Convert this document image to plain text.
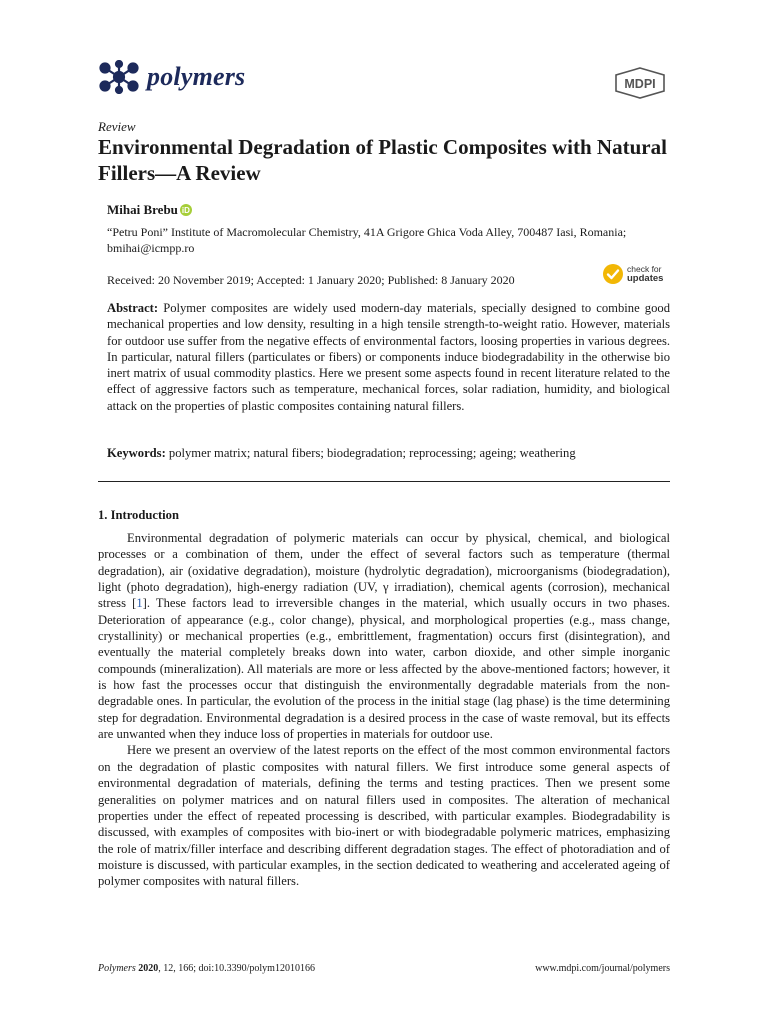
polymers	MDPI
Review
Environmental Degradation of Plastic Composites with Natural Fillers—A Review
Mihai Brebu iD
“Petru Poni” Institute of Macromolecular Chemistry, 41A Grigore Ghica Voda Alley, 700487 Iasi, Romania; bmihai@icmpp.ro
Received: 20 November 2019; Accepted: 1 January 2020; Published: 8 January 2020
check for
updates
Abstract: Polymer composites are widely used modern-day materials, specially designed to combine good mechanical properties and low density, resulting in a high tensile strength-to-weight ratio. However, materials for outdoor use suffer from the negative effects of environmental factors, loosing properties in various degrees. In particular, natural fillers (particulates or fibers) or components induce biodegradability in the otherwise bio inert matrix of usual commodity plastics. Here we present some aspects found in recent literature related to the effect of aggressive factors such as temperature, mechanical forces, solar radiation, humidity, and biological attack on the properties of plastic composites containing natural fillers.
Keywords: polymer matrix; natural fibers; biodegradation; reprocessing; ageing; weathering
1. Introduction

Environmental degradation of polymeric materials can occur by physical, chemical, and biological processes or a combination of them, under the effect of several factors such as temperature (thermal degradation), air (oxidative degradation), moisture (hydrolytic degradation), microorganisms (biodegradation), light (photo degradation), high-energy radiation (UV, γ irradiation), chemical agents (corrosion), mechanical stress [1]. These factors lead to irreversible changes in the material, which usually occurs in two phases. Deterioration of appearance (e.g., color change), physical, and morphological properties (e.g., mass change, crystallinity) or mechanical properties (e.g., embrittlement, fragmentation) occurs first (disintegration), and eventually the material completely breaks down into water, carbon dioxide, and other simple inorganic compounds (mineralization). All materials are more or less affected by the above-mentioned factors; however, it is how fast the processes occur that distinguish the environmentally degradable materials from the non-degradable ones. In particular, the evolution of the process in the initial stage (lag phase) is the time determining step for degradation. Environmental degradation is a desired process in the case of waste removal, but its effects are unwanted when they induce loss of properties in materials for outdoor use.

Here we present an overview of the latest reports on the effect of the most common environmental factors on the degradation of plastic composites with natural fillers. We first introduce some general aspects of environmental degradation of materials, defining the terms and testing practices. Then we present some generalities on polymer matrices and on natural fillers used in composites. The alteration of mechanical properties under the effect of repeated processing is described, with particular examples. Biodegradability is discussed, with examples of composites with bio-inert or with biodegradable polymeric matrices, emphasizing the role of matrix/filler interface and describing different degradation stages. The effect of photoradiation and of moisture is discussed, with particular examples, in the section dedicated to weathering and accelerated ageing of polymer composites with natural fillers.

Polymers 2020, 12, 166; doi:10.3390/polym12010166	www.mdpi.com/journal/polymers
